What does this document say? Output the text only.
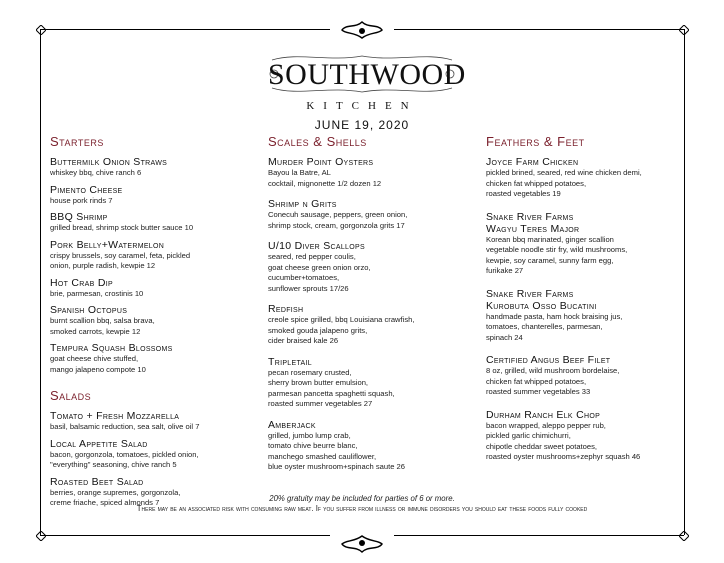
SOUTHWOOD
KITCHEN
JUNE 19, 2020
Starters
Buttermilk Onion Straws
whiskey bbq, chive ranch 6
Pimento Cheese
house pork rinds 7
BBQ Shrimp
grilled bread, shrimp stock butter sauce 10
Pork Belly+Watermelon
crispy brussels, soy caramel, feta, pickled
onion, purple radish, kewpie 12
Hot Crab Dip
brie, parmesan, crostinis 10
Spanish Octopus
burnt scallion bbq, salsa brava,
smoked carrots, kewpie 12
Tempura Squash Blossoms
goat cheese chive stuffed,
mango jalapeno compote 10
Salads
Tomato + Fresh Mozzarella
basil, balsamic reduction, sea salt, olive oil 7
Local Appetite Salad
bacon, gorgonzola, tomatoes, pickled onion,
"everything" seasoning, chive ranch 5
Roasted Beet Salad
berries, orange supremes, gorgonzola,
creme friache, spiced almonds 7
Scales & Shells
Murder Point Oysters
Bayou la Batre, AL
cocktail, mignonette 1/2 dozen 12
Shrimp n Grits
Conecuh sausage, peppers, green onion,
shrimp stock, cream, gorgonzola grits 17
U/10 Diver Scallops
seared, red pepper coulis,
goat cheese green onion orzo,
cucumber+tomatoes,
sunflower sprouts 17/26
Redfish
creole spice grilled, bbq Louisiana crawfish,
smoked gouda jalapeno grits,
cider braised kale 26
Tripletail
pecan rosemary crusted,
sherry brown butter emulsion,
parmesan pancetta spaghetti squash,
roasted summer vegetables 27
Amberjack
grilled, jumbo lump crab,
tomato chive beurre blanc,
manchego smashed cauliflower,
blue oyster mushroom+spinach saute 26
Feathers & Feet
Joyce Farm Chicken
pickled brined, seared, red wine chicken demi,
chicken fat whipped potatoes,
roasted vegetables 19
Snake River Farms
Wagyu Teres Major
Korean bbq marinated, ginger scallion
vegetable noodle stir fry, wild mushrooms,
kewpie, soy caramel, sunny farm egg,
furikake 27
Snake River Farms
Kurobuta Osso Bucatini
handmade pasta, ham hock braising jus,
tomatoes, chanterelles, parmesan,
spinach 24
Certified Angus Beef Filet
8 oz, grilled, wild mushroom bordelaise,
chicken fat whipped potatoes,
roasted summer vegetables 33
Durham Ranch Elk Chop
bacon wrapped, aleppo pepper rub,
pickled garlic chimichurri,
chipotle cheddar sweet potatoes,
roasted oyster mushrooms+zephyr squash 46
20% gratuity may be included for parties of 6 or more.
There may be an associated risk with consuming raw meat. If you suffer from illness or immune disorders you should eat these foods fully cooked
